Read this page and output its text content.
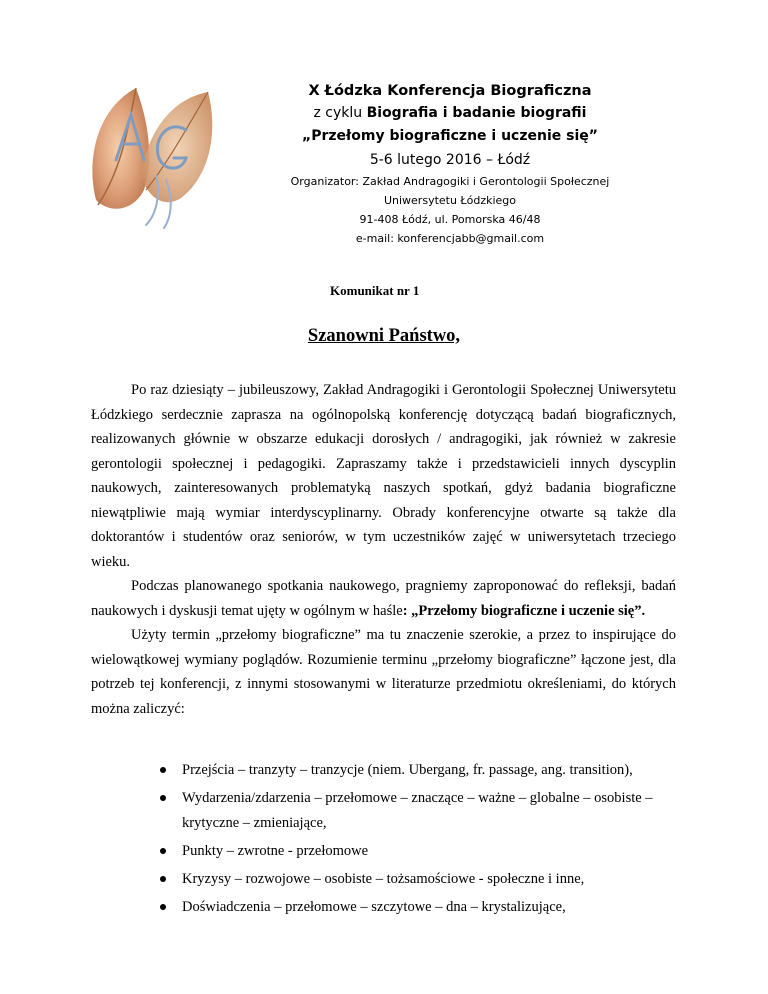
X Łódzka Konferencja Biograficzna
z cyklu Biografia i badanie biografii
„Przełomy biograficzne i uczenie się”
5-6 lutego 2016 – Łódź
Organizator: Zakład Andragogiki i Gerontologii Społecznej
Uniwersytetu Łódzkiego
91-408 Łódź, ul. Pomorska 46/48
e-mail: konferencjabb@gmail.com
Komunikat nr 1
Szanowni Państwo,

Po raz dziesiąty – jubileuszowy, Zakład Andragogiki i Gerontologii Społecznej Uniwersytetu Łódzkiego serdecznie zaprasza na ogólnopolską konferencję dotyczącą badań biograficznych, realizowanych głównie w obszarze edukacji dorosłych / andragogiki, jak również w zakresie gerontologii społecznej i pedagogiki. Zapraszamy także i przedstawicieli innych dyscyplin naukowych, zainteresowanych problematyką naszych spotkań, gdyż badania biograficzne niewątpliwie mają wymiar interdyscyplinarny. Obrady konferencyjne otwarte są także dla doktorantów i studentów oraz seniorów, w tym uczestników zajęć w uniwersytetach trzeciego wieku.

Podczas planowanego spotkania naukowego, pragniemy zaproponować do refleksji, badań naukowych i dyskusji temat ujęty w ogólnym w haśle: „Przełomy biograficzne i uczenie się”.

Użyty termin „przełomy biograficzne” ma tu znaczenie szerokie, a przez to inspirujące do wielowątkowej wymiany poglądów. Rozumienie terminu „przełomy biograficzne” łączone jest, dla potrzeb tej konferencji, z innymi stosowanymi w literaturze przedmiotu określeniami, do których można zaliczyć:

Przejścia – tranzyty – tranzycje (niem. Ubergang, fr. passage, ang. transition),
Wydarzenia/zdarzenia – przełomowe – znaczące – ważne – globalne – osobiste – krytyczne – zmieniające,
Punkty – zwrotne - przełomowe
Kryzysy – rozwojowe – osobiste – tożsamościowe - społeczne i inne,
Doświadczenia – przełomowe – szczytowe – dna – krystalizujące,
